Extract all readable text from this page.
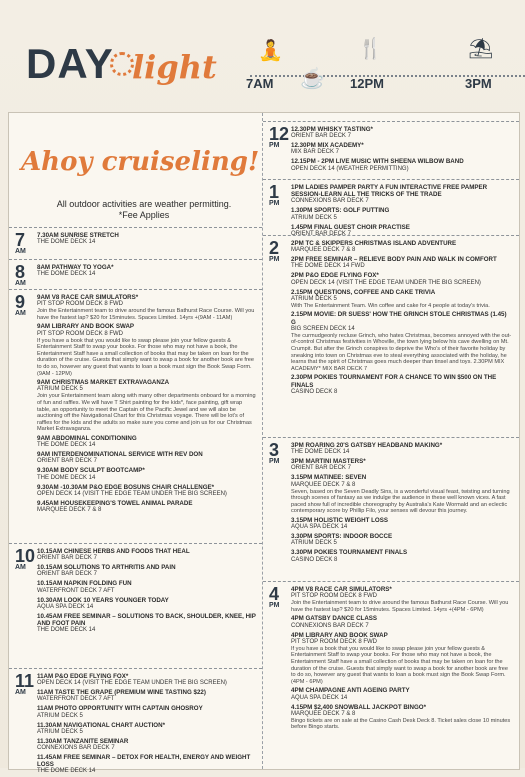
DAY light 🧘
☕
🍴	⛱
7AM	12PM	3PM
Ahoy cruiseling!
All outdoor activities are weather permitting.
*Fee Applies
7
AM
7.30AM SUNRISE STRETCH
THE DOME DECK 14
8
AM
8AM PATHWAY TO YOGA*
THE DOME DECK 14
9
AM
9AM V8 RACE CAR SIMULATORS*
PIT STOP ROOM DECK 8 FWD
Join the Entertainment team to drive around the famous Bathurst Race Course. Will you have the fastest lap? $20 for 15minutes. Spaces Limited. 14yrs +(9AM - 11AM)
9AM LIBRARY AND BOOK SWAP
PIT STOP ROOM DECK 8 FWD
If you have a book that you would like to swap please join your fellow guests & Entertainment Staff to swap your books. For those who may not have a book, the Entertainment Staff have a small collection of books that may be taken on loan for the duration of the cruise. Guests that simply want to swap a book for another book are free to do so, however any guest that wants to loan a book must sign the Book Swap Form. (9AM - 12PM)
9AM CHRISTMAS MARKET EXTRAVAGANZA
ATRIUM DECK 5
Join your Entertainment team along with many other departments onboard for a morning of fun and raffles. We will have T Shirt painting for the kids*, face painting, gift wrap table, an opportunity to meet the Captain of the Pacific Jewel and we will also be auctioning off the Navigational Chart for this Christmas voyage. There will be lot's of raffles for the kids and the adults so make sure you come and join us for our Christmas Market Extravaganza.
9AM ABDOMINAL CONDITIONING
THE DOME DECK 14
9AM INTERDENOMINATIONAL SERVICE WITH REV DON
ORIENT BAR DECK 7
9.30AM BODY SCULPT BOOTCAMP*
THE DOME DECK 14
9.30AM -10.30AM P&O EDGE BOSUNS CHAIR CHALLENGE*
OPEN DECK 14 (VISIT THE EDGE TEAM UNDER THE BIG SCREEN)
9.45AM HOUSEKEEPING'S TOWEL ANIMAL PARADE
MARQUEE DECK 7 & 8
10
AM
10.15AM CHINESE HERBS AND FOODS THAT HEAL
ORIENT BAR DECK 7
10.15AM SOLUTIONS TO ARTHRITIS AND PAIN
ORIENT BAR DECK 7
10.15AM NAPKIN FOLDING FUN
WATERFRONT DECK 7 AFT
10.30AM LOOK 10 YEARS YOUNGER TODAY
AQUA SPA DECK 14
10.45AM FREE SEMINAR – SOLUTIONS TO BACK, SHOULDER, KNEE, HIP AND FOOT PAIN
THE DOME DECK 14
11
AM
11AM P&O EDGE FLYING FOX*
OPEN DECK 14 (VISIT THE EDGE TEAM UNDER THE BIG SCREEN)
11AM TASTE THE GRAPE (PREMIUM WINE TASTING $22)
WATERFRONT DECK 7 AFT
11AM PHOTO OPPORTUNITY WITH CAPTAIN GHOSROY
ATRIUM DECK 5
11.30AM NAVIGATIONAL CHART AUCTION*
ATRIUM DECK 5
11.30AM TANZANITE SEMINAR
CONNEXIONS BAR DECK 7
11.45AM FREE SEMINAR – DETOX FOR HEALTH, ENERGY AND WEIGHT LOSS
THE DOME DECK 14
12
PM
12.30PM WHISKY TASTING*
ORIENT BAR DECK 7
12.30PM MIX ACADEMY*
MIX BAR DECK 7
12.15PM - 2PM LIVE MUSIC WITH SHEENA WILBOW BAND
OPEN DECK 14 (WEATHER PERMITTING)
1
PM
1PM LADIES PAMPER PARTY A FUN INTERACTIVE FREE PAMPER SESSION-LEARN ALL THE TRICKS OF THE TRADE
CONNEXIONS BAR DECK 7
1.30PM SPORTS: GOLF PUTTING
ATRIUM DECK 5
1.45PM FINAL GUEST CHOIR PRACTISE
ORIENT BAR DECK 7
2
PM
2PM TC & SKIPPERS CHRISTMAS ISLAND ADVENTURE
MARQUEE DECK 7 & 8
2PM FREE SEMINAR – RELIEVE BODY PAIN AND WALK IN COMFORT
THE DOME DECK 14 FWD
2PM P&O EDGE FLYING FOX*
OPEN DECK 14 (VISIT THE EDGE TEAM UNDER THE BIG SCREEN)
2.15PM QUESTIONS, COFFEE AND CAKE TRIVIA
ATRIUM DECK 5
With The Entertainment Team. Win coffee and cake for 4 people at today's trivia.
2.15PM MOVIE: DR SUESS' HOW THE GRINCH STOLE CHRISTMAS (1.45) G
BIG SCREEN DECK 14
The curmudgeonly recluse Grinch, who hates Christmas, becomes annoyed with the out-of-control Christmas festivities in Whoville, the town lying below his cave dwelling on Mt. Crumpit. But after the Grinch conspires to deprive the Who's of their favorite holiday by sneaking into town on Christmas eve to steal everything associated with the holiday, he learns that the spirit of Christmas goes much deeper than tinsel and toys. 2.30PM MIX ACADEMY* MIX BAR DECK 7
2.30PM POKIES TOURNAMENT FOR A CHANCE TO WIN $500 ON THE FINALS
CASINO DECK 8
3
PM
3PM ROARING 20'S GATSBY HEADBAND MAKING*
THE DOME DECK 14
3PM MARTINI MASTERS*
ORIENT BAR DECK 7
3.15PM MATINEE: SEVEN
MARQUEE DECK 7 & 8
Seven, based on the Seven Deadly Sins, is a wonderful visual feast, twisting and turning through scenes of fantasy as we indulge the audience in these well known vices. A fast paced show full of incredible choreography by Australia's Kate Wormald and an eclectic contemporary score by Phillip Filo, your senses will devour this journey.
3.15PM HOLISTIC WEIGHT LOSS
AQUA SPA DECK 14
3.30PM SPORTS: INDOOR BOCCE
ATRIUM DECK 5
3.30PM POKIES TOURNAMENT FINALS
CASINO DECK 8
4
PM
4PM V8 RACE CAR SIMULATORS*
PIT STOP ROOM DECK 8 FWD
Join the Entertainment team to drive around the famous Bathurst Race Course. Will you have the fastest lap? $20 for 15minutes. Spaces Limited. 14yrs +(4PM - 6PM)
4PM GATSBY DANCE CLASS
CONNEXIONS BAR DECK 7
4PM LIBRARY AND BOOK SWAP
PIT STOP ROOM DECK 8 FWD
If you have a book that you would like to swap please join your fellow guests & Entertainment Staff to swap your books. For those who may not have a book, the Entertainment Staff have a small collection of books that may be taken on loan for the duration of the cruise. Guests that simply want to swap a book for another book are free to do so, however any guest that wants to loan a book must sign the Book Swap Form. (4PM - 6PM)
4PM CHAMPAGNE ANTI AGEING PARTY
AQUA SPA DECK 14
4.15PM $2,400 SNOWBALL JACKPOT BINGO*
MARQUEE DECK 7 & 8
Bingo tickets are on sale at the Casino Cash Desk Deck 8. Ticket sales close 10 minutes before Bingo starts.
